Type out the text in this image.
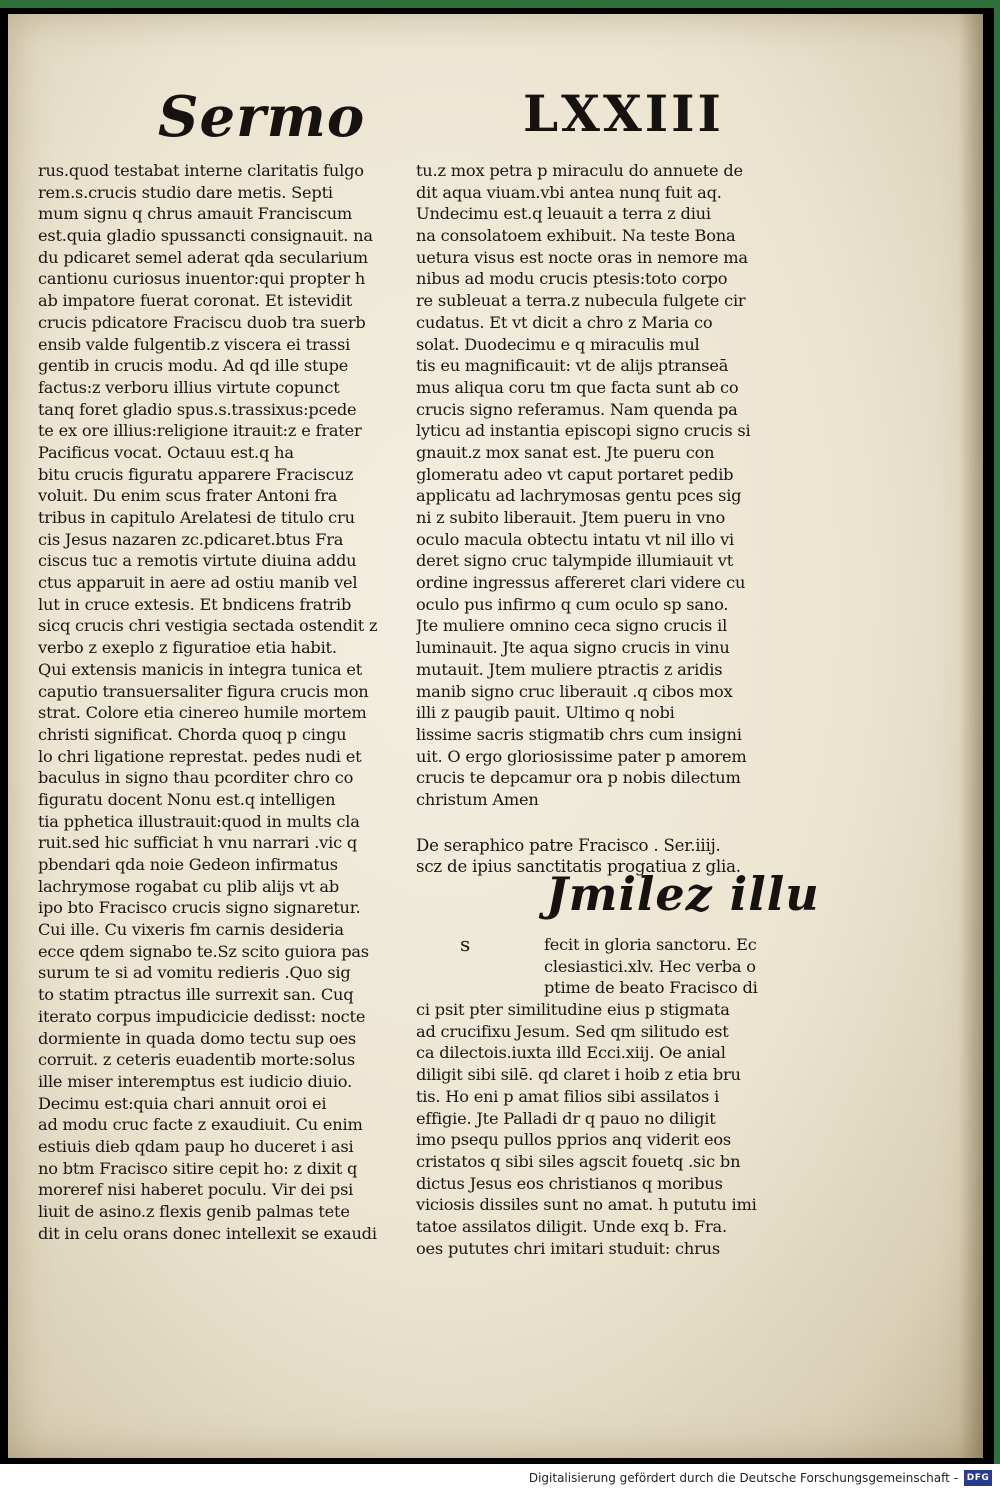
Sermo	LXXIII
rus.quod testabat interne claritatis fulgo
rem.s.crucis studio dare metis. Septi
mum signu q chrus amauit Franciscum
est.quia gladio spussancti consignauit. na
du pdicaret semel aderat qda secularium
cantionu curiosus inuentor:qui propter h
ab impatore fuerat coronat. Et istevidit
crucis pdicatore Fraciscu duob tra suerb
ensib valde fulgentib.z viscera ei trassi
gentib in crucis modu. Ad qd ille stupe
factus:z verboru illius virtute copunct
tanq foret gladio spus.s.trassixus:pcede
te ex ore illius:religione itrauit:z e frater
Pacificus vocat. Octauu est.q ha
bitu crucis figuratu apparere Fraciscuz
voluit. Du enim scus frater Antoni fra
tribus in capitulo Arelatesi de titulo cru
cis Jesus nazaren zc.pdicaret.btus Fra
ciscus tuc a remotis virtute diuina addu
ctus apparuit in aere ad ostiu manib vel
lut in cruce extesis. Et bndicens fratrib
sicq crucis chri vestigia sectada ostendit z
verbo z exeplo z figuratioe etia habit.
Qui extensis manicis in integra tunica et
caputio transuersaliter figura crucis mon
strat. Colore etia cinereo humile mortem
christi significat. Chorda quoq p cingu
lo chri ligatione represtat. pedes nudi et
baculus in signo thau pcorditer chro co
figuratu docent Nonu est.q intelligen
tia pphetica illustrauit:quod in mults cla
ruit.sed hic sufficiat h vnu narrari .vic q
pbendari qda noie Gedeon infirmatus
lachrymose rogabat cu plib alijs vt ab
ipo bto Fracisco crucis signo signaretur.
Cui ille. Cu vixeris fm carnis desideria
ecce qdem signabo te.Sz scito guiora pas
surum te si ad vomitu redieris .Quo sig
to statim ptractus ille surrexit san. Cuq
iterato corpus impudicicie dedisst: nocte
dormiente in quada domo tectu sup oes
corruit. z ceteris euadentib morte:solus
ille miser interemptus est iudicio diuio.
Decimu est:quia chari annuit oroi ei
ad modu cruc facte z exaudiuit. Cu enim
estiuis dieb qdam paup ho duceret i asi
no btm Fracisco sitire cepit ho: z dixit q
moreref nisi haberet poculu. Vir dei psi
liuit de asino.z flexis genib palmas tete
dit in celu orans donec intellexit se exaudi
tu.z mox petra p miraculu do annuete de
dit aqua viuam.vbi antea nunq fuit aq.
Undecimu est.q leuauit a terra z diui
na consolatoem exhibuit. Na teste Bona
uetura visus est nocte oras in nemore ma
nibus ad modu crucis ptesis:toto corpo
re subleuat a terra.z nubecula fulgete cir
cudatus. Et vt dicit a chro z Maria co
solat. Duodecimu e q miraculis mul
tis eu magnificauit: vt de alijs ptranseā
mus aliqua coru tm que facta sunt ab co
crucis signo referamus. Nam quenda pa
lyticu ad instantia episcopi signo crucis si
gnauit.z mox sanat est. Jte pueru con
glomeratu adeo vt caput portaret pedib
applicatu ad lachrymosas gentu pces sig
ni z subito liberauit. Jtem pueru in vno
oculo macula obtectu intatu vt nil illo vi
deret signo cruc talympide illumiauit vt
ordine ingressus affereret clari videre cu
oculo pus infirmo q cum oculo sp sano.
Jte muliere omnino ceca signo crucis il
luminauit. Jte aqua signo crucis in vinu
mutauit. Jtem muliere ptractis z aridis
manib signo cruc liberauit .q cibos mox
illi z paugib pauit. Ultimo q nobi
lissime sacris stigmatib chrs cum insigni
uit. O ergo gloriosissime pater p amorem
crucis te depcamur ora p nobis dilectum
christum Amen
De seraphico patre Fracisco . Ser.iiij.
scz de ipius sanctitatis progatiua z glia.
Jmilez illu
s	fecit in gloria sanctoru. Ec
clesiastici.xlv. Hec verba o
ptime de beato Fracisco di
ci psit pter similitudine eius p stigmata
ad crucifixu Jesum. Sed qm silitudo est
ca dilectois.iuxta illd Ecci.xiij. Oe anial
diligit sibi silē. qd claret i hoib z etia bru
tis. Ho eni p amat filios sibi assilatos i
effigie. Jte Palladi dr q pauo no diligit
imo psequ pullos pprios anq viderit eos
cristatos q sibi siles agscit fouetq .sic bn
dictus Jesus eos christianos q moribus
viciosis dissiles sunt no amat. h pututu imi
tatoe assilatos diligit. Unde exq b. Fra.
oes pututes chri imitari studuit: chrus
Digitalisierung gefördert durch die Deutsche Forschungsgemeinschaft - DFG
